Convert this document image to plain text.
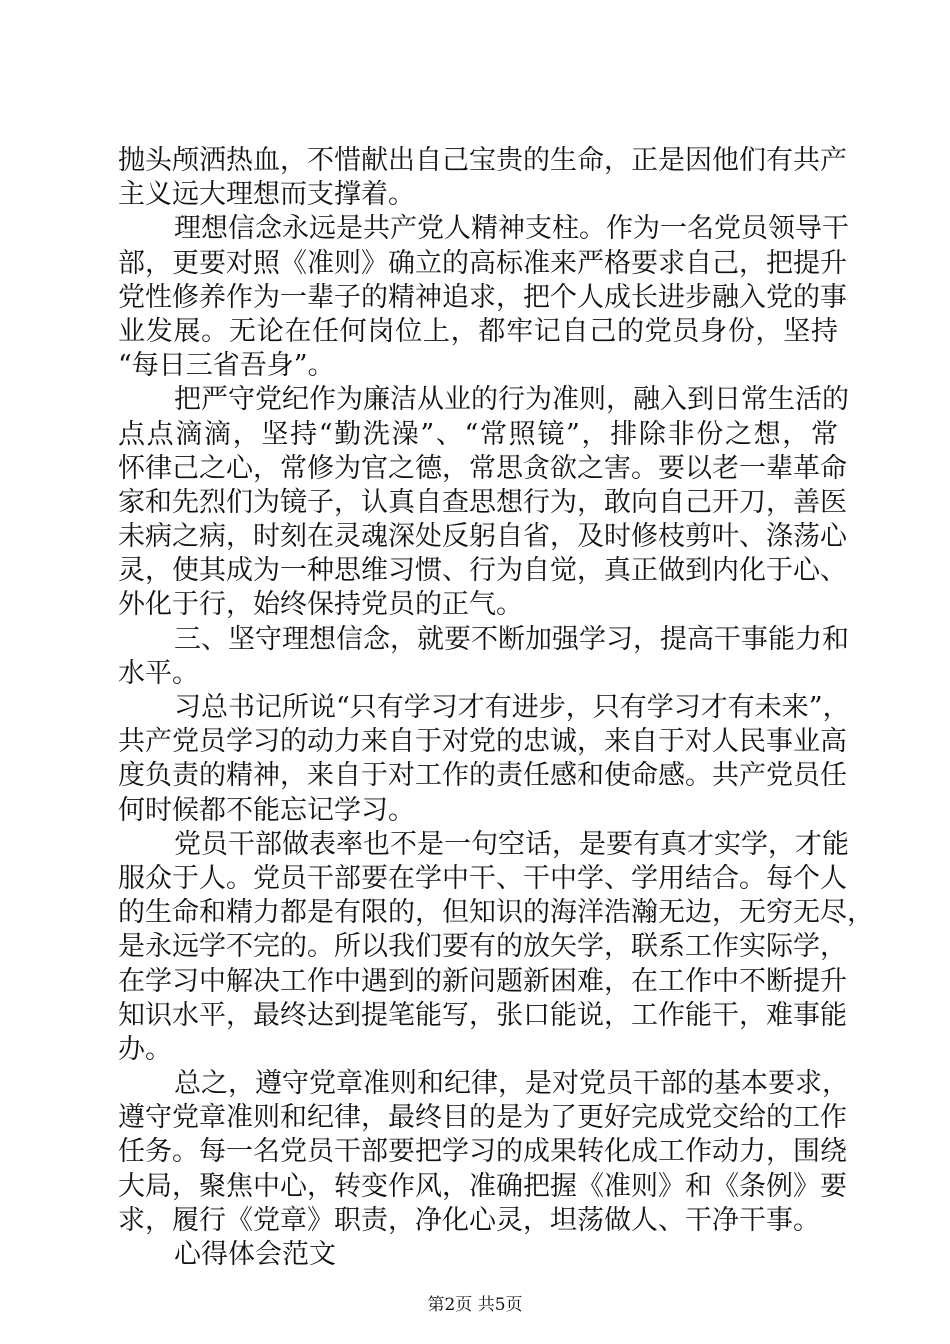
抛头颅洒热血，不惜献出自己宝贵的生命，正是因他们有共产
主义远大理想而支撑着。
理想信念永远是共产党人精神支柱。作为一名党员领导干
部，更要对照《准则》确立的高标准来严格要求自己，把提升
党性修养作为一辈子的精神追求，把个人成长进步融入党的事
业发展。无论在任何岗位上，都牢记自己的党员身份，坚持
“每日三省吾身”。
把严守党纪作为廉洁从业的行为准则，融入到日常生活的
点点滴滴，坚持“勤洗澡”、“常照镜”，排除非份之想，常
怀律己之心，常修为官之德，常思贪欲之害。要以老一辈革命
家和先烈们为镜子，认真自查思想行为，敢向自己开刀，善医
未病之病，时刻在灵魂深处反躬自省，及时修枝剪叶、涤荡心
灵，使其成为一种思维习惯、行为自觉，真正做到内化于心、
外化于行，始终保持党员的正气。
三、坚守理想信念，就要不断加强学习，提高干事能力和
水平。
习总书记所说“只有学习才有进步，只有学习才有未来”，
共产党员学习的动力来自于对党的忠诚，来自于对人民事业高
度负责的精神，来自于对工作的责任感和使命感。共产党员任
何时候都不能忘记学习。
党员干部做表率也不是一句空话，是要有真才实学，才能
服众于人。党员干部要在学中干、干中学、学用结合。每个人
的生命和精力都是有限的，但知识的海洋浩瀚无边，无穷无尽，
是永远学不完的。所以我们要有的放矢学，联系工作实际学，
在学习中解决工作中遇到的新问题新困难，在工作中不断提升
知识水平，最终达到提笔能写，张口能说，工作能干，难事能
办。
总之，遵守党章准则和纪律，是对党员干部的基本要求，
遵守党章准则和纪律，最终目的是为了更好完成党交给的工作
任务。每一名党员干部要把学习的成果转化成工作动力，围绕
大局，聚焦中心，转变作风，准确把握《准则》和《条例》要
求，履行《党章》职责，净化心灵，坦荡做人、干净干事。
心得体会范文
第2页 共5页
